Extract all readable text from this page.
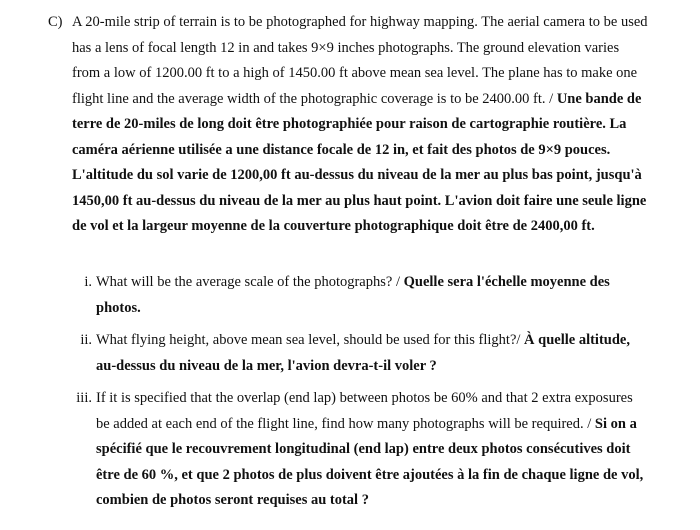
C) A 20-mile strip of terrain is to be photographed for highway mapping. The aerial camera to be used has a lens of focal length 12 in and takes 9×9 inches photographs. The ground elevation varies from a low of 1200.00 ft to a high of 1450.00 ft above mean sea level. The plane has to make one flight line and the average width of the photographic coverage is to be 2400.00 ft. / Une bande de terre de 20-miles de long doit être photographiée pour raison de cartographie routière. La caméra aérienne utilisée a une distance focale de 12 in, et fait des photos de 9×9 pouces. L'altitude du sol varie de 1200,00 ft au-dessus du niveau de la mer au plus bas point, jusqu'à 1450,00 ft au-dessus du niveau de la mer au plus haut point. L'avion doit faire une seule ligne de vol et la largeur moyenne de la couverture photographique doit être de 2400,00 ft.
i. What will be the average scale of the photographs? / Quelle sera l'échelle moyenne des photos.
ii. What flying height, above mean sea level, should be used for this flight?/ À quelle altitude, au-dessus du niveau de la mer, l'avion devra-t-il voler ?
iii. If it is specified that the overlap (end lap) between photos be 60% and that 2 extra exposures be added at each end of the flight line, find how many photographs will be required. / Si on a spécifié que le recouvrement longitudinal (end lap) entre deux photos consécutives doit être de 60 %, et que 2 photos de plus doivent être ajoutées à la fin de chaque ligne de vol, combien de photos seront requises au total ?
